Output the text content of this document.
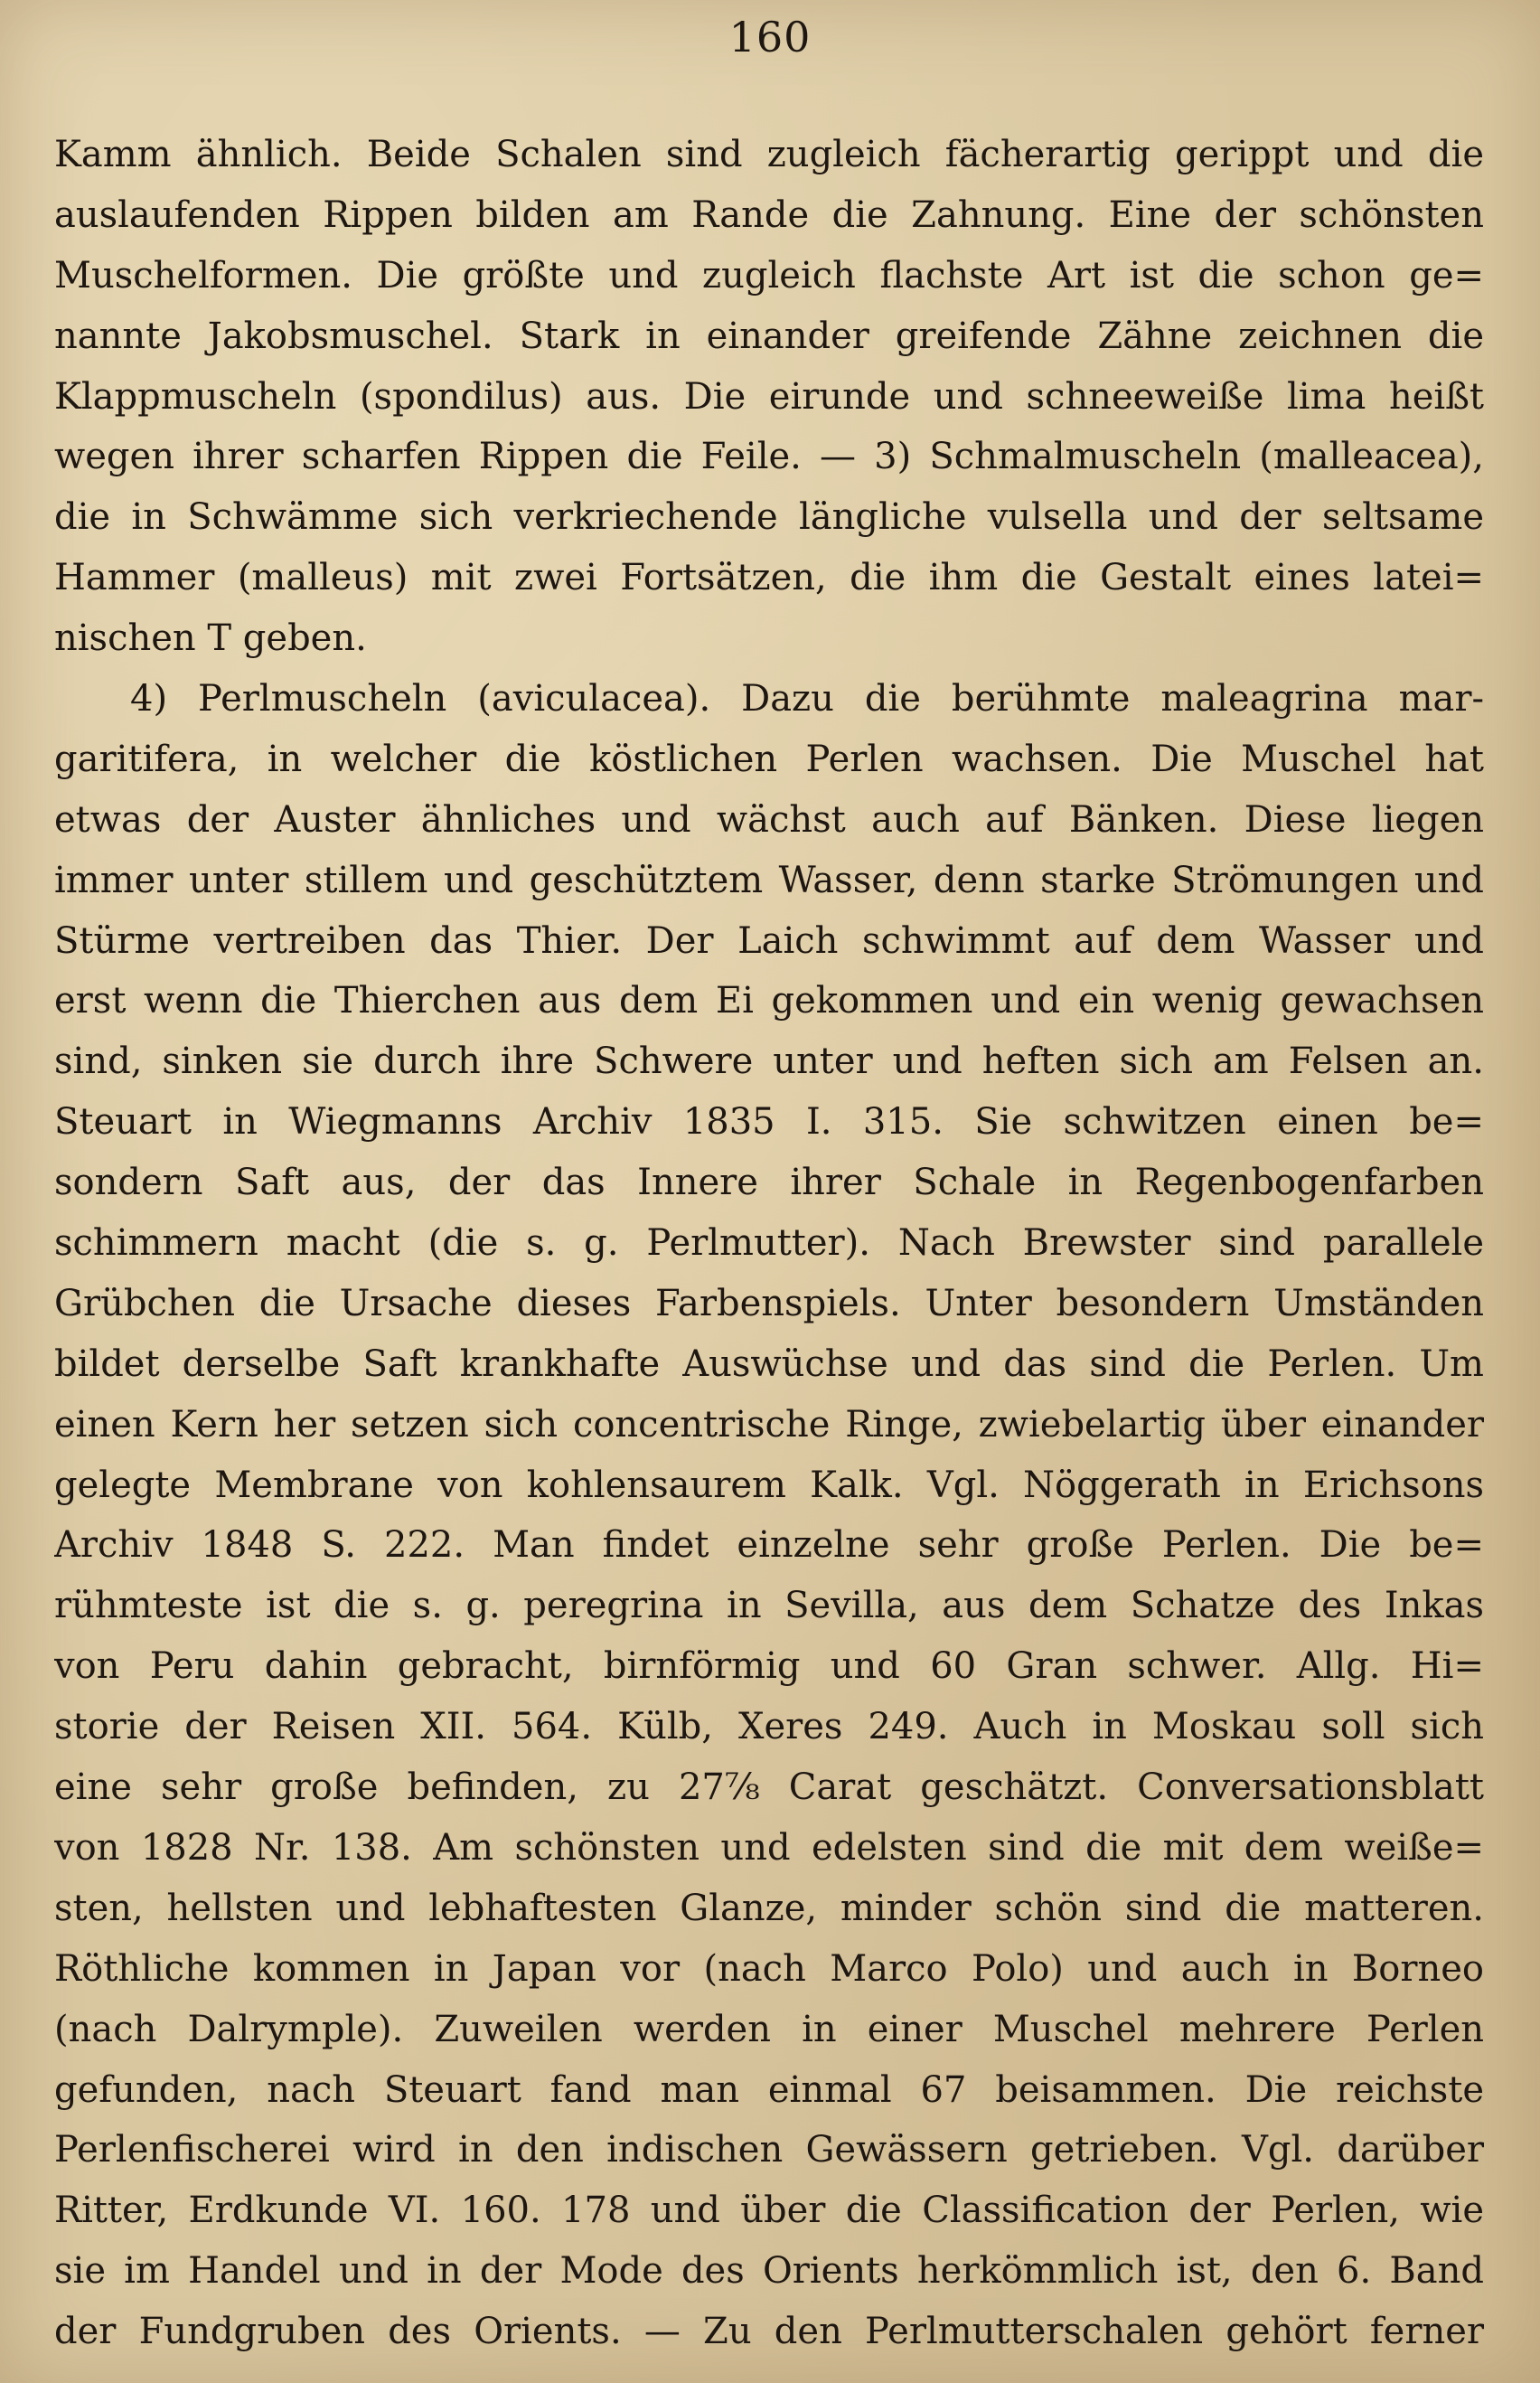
160
Kamm ähnlich. Beide Schalen sind zugleich fächerartig gerippt und die
auslaufenden Rippen bilden am Rande die Zahnung. Eine der schönsten
Muschelformen. Die größte und zugleich flachste Art ist die schon ge=
nannte Jakobsmuschel. Stark in einander greifende Zähne zeichnen die
Klappmuscheln (spondilus) aus. Die eirunde und schneeweiße lima heißt
wegen ihrer scharfen Rippen die Feile. — 3) Schmalmuscheln (malleacea),
die in Schwämme sich verkriechende längliche vulsella und der seltsame
Hammer (malleus) mit zwei Fortsätzen, die ihm die Gestalt eines latei=
nischen T geben.
4) Perlmuscheln (aviculacea). Dazu die berühmte maleagrina mar-
garitifera, in welcher die köstlichen Perlen wachsen. Die Muschel hat
etwas der Auster ähnliches und wächst auch auf Bänken. Diese liegen
immer unter stillem und geschütztem Wasser, denn starke Strömungen und
Stürme vertreiben das Thier. Der Laich schwimmt auf dem Wasser und
erst wenn die Thierchen aus dem Ei gekommen und ein wenig gewachsen
sind, sinken sie durch ihre Schwere unter und heften sich am Felsen an.
Steuart in Wiegmanns Archiv 1835 I. 315. Sie schwitzen einen be=
sondern Saft aus, der das Innere ihrer Schale in Regenbogenfarben
schimmern macht (die s. g. Perlmutter). Nach Brewster sind parallele
Grübchen die Ursache dieses Farbenspiels. Unter besondern Umständen
bildet derselbe Saft krankhafte Auswüchse und das sind die Perlen. Um
einen Kern her setzen sich concentrische Ringe, zwiebelartig über einander
gelegte Membrane von kohlensaurem Kalk. Vgl. Nöggerath in Erichsons
Archiv 1848 S. 222. Man findet einzelne sehr große Perlen. Die be=
rühmteste ist die s. g. peregrina in Sevilla, aus dem Schatze des Inkas
von Peru dahin gebracht, birnförmig und 60 Gran schwer. Allg. Hi=
storie der Reisen XII. 564. Külb, Xeres 249. Auch in Moskau soll sich
eine sehr große befinden, zu 27⁷⁄₈ Carat geschätzt. Conversationsblatt
von 1828 Nr. 138. Am schönsten und edelsten sind die mit dem weiße=
sten, hellsten und lebhaftesten Glanze, minder schön sind die matteren.
Röthliche kommen in Japan vor (nach Marco Polo) und auch in Borneo
(nach Dalrymple). Zuweilen werden in einer Muschel mehrere Perlen
gefunden, nach Steuart fand man einmal 67 beisammen. Die reichste
Perlenfischerei wird in den indischen Gewässern getrieben. Vgl. darüber
Ritter, Erdkunde VI. 160. 178 und über die Classification der Perlen, wie
sie im Handel und in der Mode des Orients herkömmlich ist, den 6. Band
der Fundgruben des Orients. — Zu den Perlmutterschalen gehört ferner
